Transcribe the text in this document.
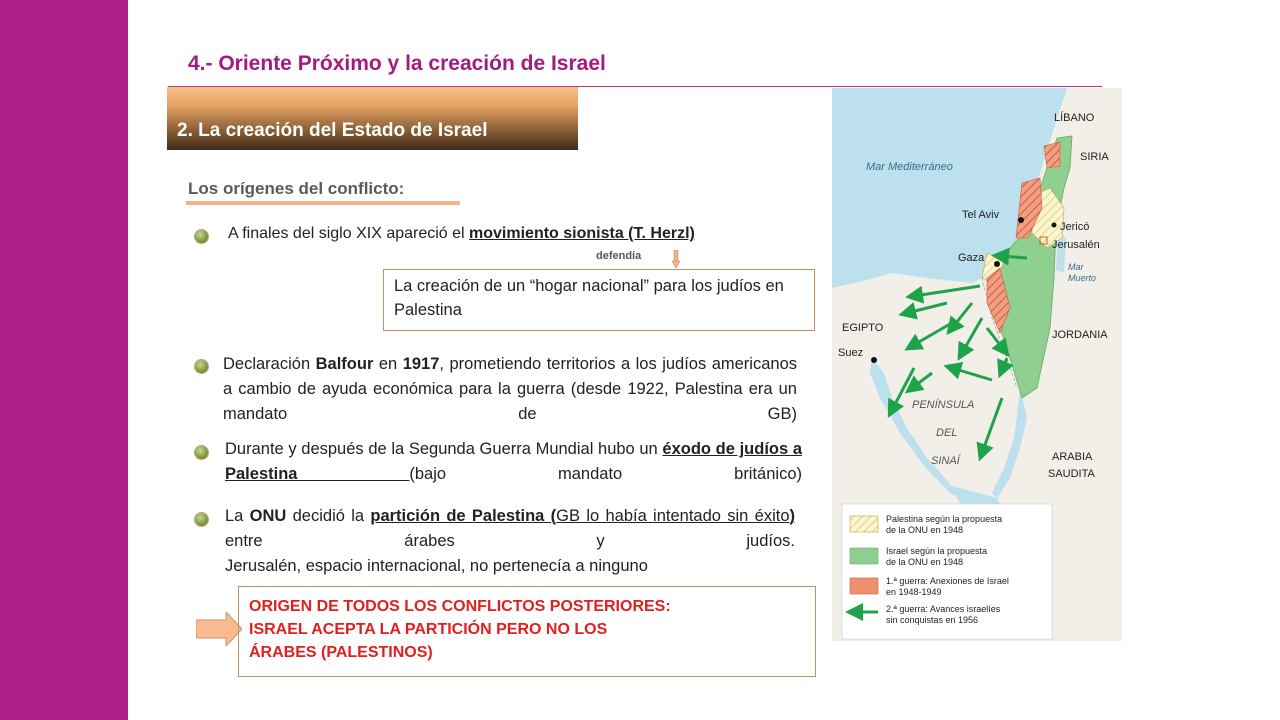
4.- Oriente Próximo y la creación de Israel
2. La creación del Estado de Israel
Los orígenes del conflicto:
A finales del siglo XIX apareció el movimiento sionista (T. Herzl)
defendía
La creación de un “hogar nacional” para los judíos en Palestina
Declaración Balfour en 1917, prometiendo territorios a los judíos americanos a cambio de ayuda económica para la guerra (desde 1922, Palestina era un mandato de GB)
Durante y después de la Segunda Guerra Mundial hubo un éxodo de judíos a Palestina (bajo mandato británico)
La ONU decidió la partición de Palestina (GB lo había intentado sin éxito) entre árabes y judíos.
Jerusalén, espacio internacional, no pertenecía a ninguno
ORIGEN DE TODOS LOS CONFLICTOS POSTERIORES:
ISRAEL ACEPTA LA PARTICIÓN PERO NO LOS
ÁRABES (PALESTINOS)
LÍBANO
SIRIA
Mar Mediterráneo
Tel Aviv
Jericó
Jerusalén
Gaza
Mar
Muerto
EGIPTO
Suez
JORDANIA
PENÍNSULA
DEL
SINAÍ	ARABIA
SAUDITA
Palestina según la propuesta
de la ONU en 1948
Israel según la propuesta
de la ONU en 1948
1.ª guerra: Anexiones de Israel
en 1948-1949
2.ª guerra: Avances israelíes
sin conquistas en 1956
